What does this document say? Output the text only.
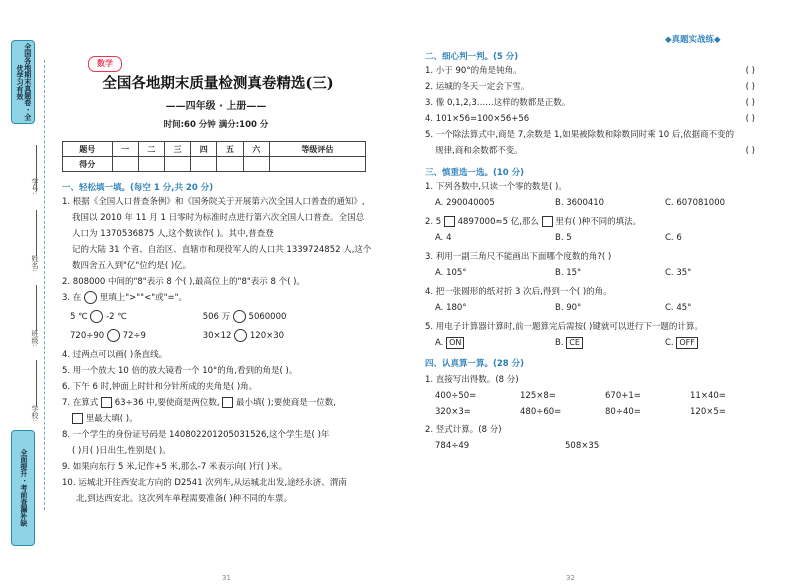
全国各地期末真题卷 · 全优学习有效
全面提升 · 考前查漏补缺
学号:
姓名:
班级:
学校:
数学
全国各地期末质量检测真卷精选(三)
——四年级 · 上册——
时间:60 分钟 满分:100 分
题号	一	二	三	四	五	六	等级评估
得分							
一、轻松填一填。(每空 1 分,共 20 分)
1. 根据《全国人口普查条例》和《国务院关于开展第六次全国人口普查的通知》,
我国以 2010 年 11 月 1 日零时为标准时点进行第六次全国人口普查。全国总
人口为 1370536875 人,这个数读作( )。其中,普查登
记的大陆 31 个省、自治区、直辖市和现役军人的人口共 1339724852 人,这个
数四舍五入到"亿"位约是( )亿。
2. 808000 中间的"8"表示 8 个( ),最高位上的"8"表示 8 个( )。
3. 在 里填上">""<"或"="。
5 ℃ -2 ℃	506 万 5060000
720÷90 72÷9	30×12 120×30
4. 过两点可以画( )条直线。
5. 用一个放大 10 倍的放大镜看一个 10°的角,看到的角是( )。
6. 下午 6 时,钟面上时针和分针所成的夹角是( )角。
7. 在算式 63÷36 中,要使商是两位数, 最小填( );要使商是一位数,
里最大填( )。
8. 一个学生的身份证号码是 140802201205031526,这个学生是( )年
( )月( )日出生,性别是( )。
9. 如果向东行 5 米,记作+5 米,那么-7 米表示向( )行( )米。
10. 运城北开往西安北方向的 D2541 次列车,从运城北出发,途经永济、渭南
北,到达西安北。这次列车单程需要准备( )种不同的车票。
31
◆真题实战练◆
二、细心判一判。(5 分)
1. 小于 90°的角是钝角。	( )
2. 运城的冬天一定会下雪。	( )
3. 像 0,1,2,3……这样的数都是正数。	( )
4. 101×56=100×56+56	( )
5. 一个除法算式中,商是 7,余数是 1,如果被除数和除数同时乘 10 后,依据商不变的
规律,商和余数都不变。	( )
三、慎重选一选。(10 分)
1. 下列各数中,只读一个零的数是( )。
A. 290040005	B. 3600410	C. 607081000
2. 5 4897000≈5 亿,那么 里有( )种不同的填法。
A. 4	B. 5	C. 6
3. 利用一副三角尺不能画出下面哪个度数的角?( )
A. 105°	B. 15°	C. 35°
4. 把一张圆形的纸对折 3 次后,得到一个( )的角。
A. 180°	B. 90°	C. 45°
5. 用电子计算器计算时,前一题算完后需按( )键就可以进行下一题的计算。
A. ON	B. CE	C. OFF
四、认真算一算。(28 分)
1. 直接写出得数。(8 分)
400÷50=	125×8=	670+1=	11×40=
320×3=	480÷60=	80÷40=	120×5=
2. 竖式计算。(8 分)
784÷49	508×35
32
